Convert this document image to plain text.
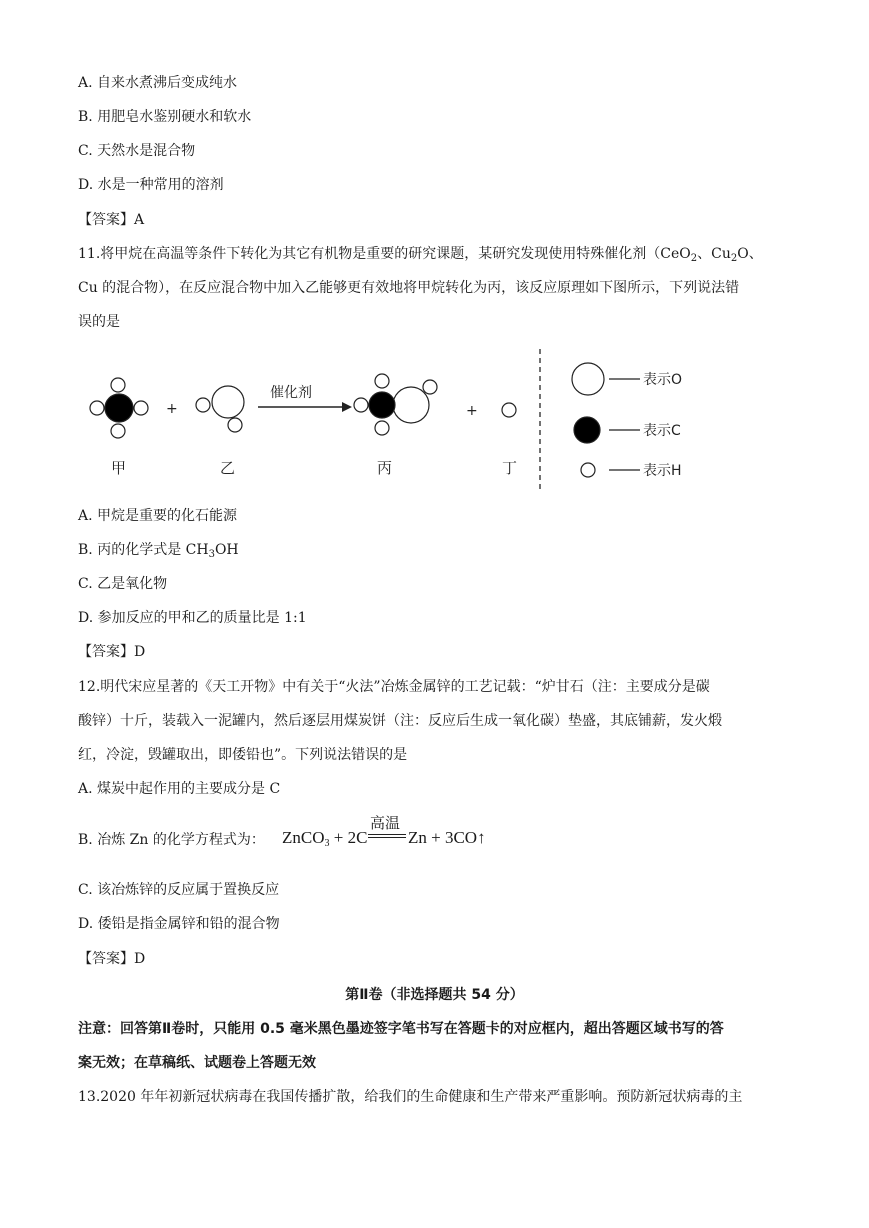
A. 自来水煮沸后变成纯水
B. 用肥皂水鉴别硬水和软水
C. 天然水是混合物
D. 水是一种常用的溶剂
【答案】A
11.将甲烷在高温等条件下转化为其它有机物是重要的研究课题，某研究发现使用特殊催化剂（CeO$_2$、$Cu_2O$、
Cu 的混合物），在反应混合物中加入乙能够更有效地将甲烷转化为丙，该反应原理如下图所示，下列说法错
误的是
+
催化剂
+
甲	乙	丙	丁
表示O
表示C
表示H
A. 甲烷是重要的化石能源
B. 丙的化学式是 $CH_3OH$
C. 乙是氧化物
D. 参加反应的甲和乙的质量比是 1:1
【答案】D
12.明代宋应星著的《天工开物》中有关于“火法”冶炼金属锌的工艺记载：“炉甘石（注：主要成分是碳
酸锌）十斤，装载入一泥罐内，然后逐层用煤炭饼（注：反应后生成一氧化碳）垫盛，其底铺薪，发火煅
红，冷淀，毁罐取出，即倭铅也”。下列说法错误的是
A. 煤炭中起作用的主要成分是 C
B. 冶炼 Zn 的化学方程式为： ZnCO$_3$ + 2C
高温
Zn + 3CO↑
C. 该冶炼锌的反应属于置换反应
D. 倭铅是指金属锌和铅的混合物
【答案】D
第Ⅱ卷（非选择题共 54 分）
注意：回答第Ⅱ卷时，只能用 0.5 毫米黑色墨迹签字笔书写在答题卡的对应框内，超出答题区域书写的答
案无效；在草稿纸、试题卷上答题无效
13.2020 年年初新冠状病毒在我国传播扩散，给我们的生命健康和生产带来严重影响。预防新冠状病毒的主
